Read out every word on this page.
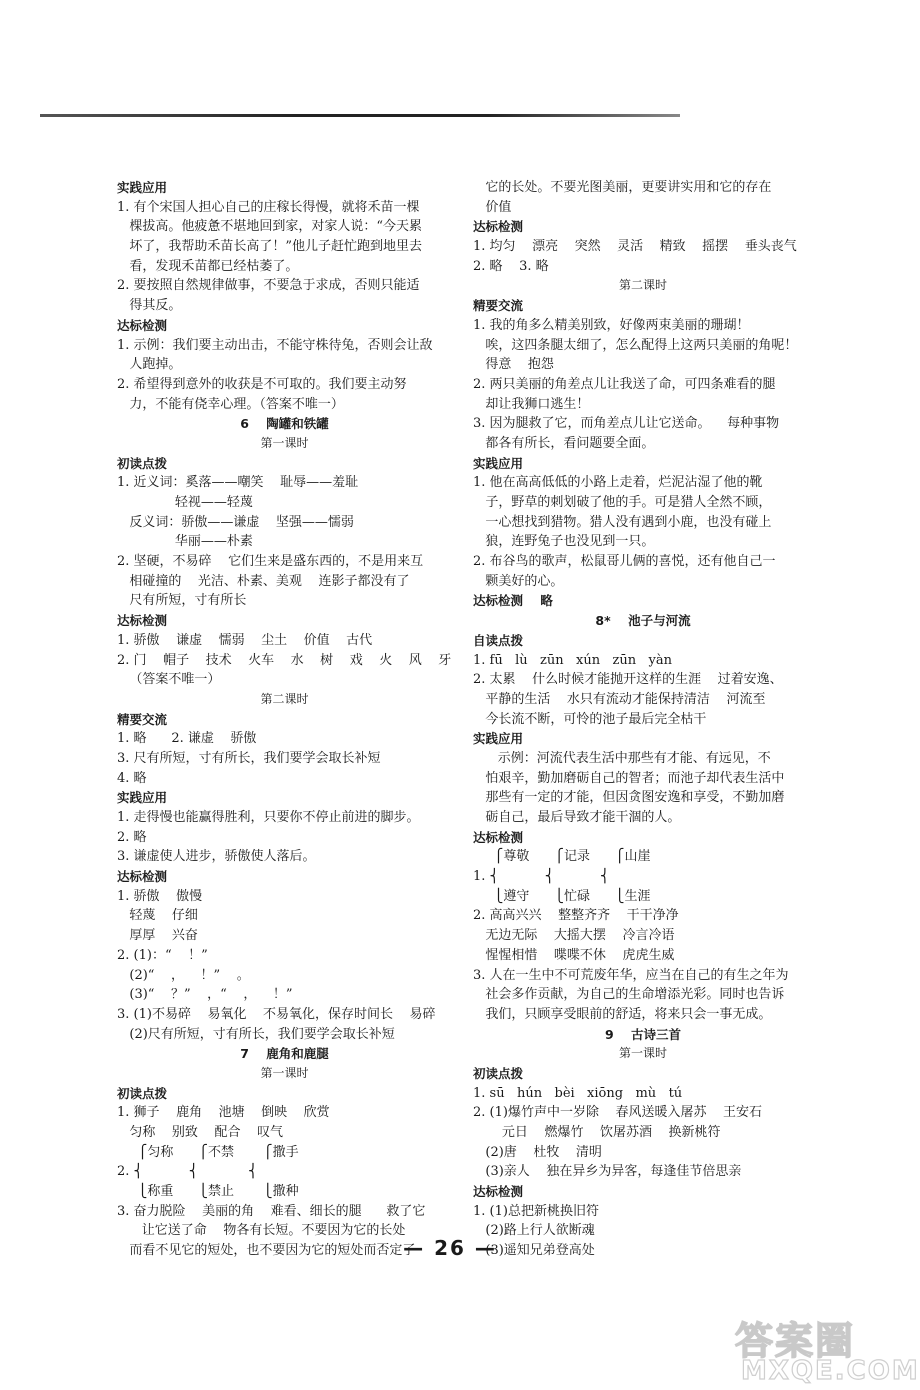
实践应用
1. 有个宋国人担心自己的庄稼长得慢，就将禾苗一棵
棵拔高。他疲惫不堪地回到家，对家人说：“今天累
坏了，我帮助禾苗长高了！”他儿子赶忙跑到地里去
看，发现禾苗都已经枯萎了。
2. 要按照自然规律做事，不要急于求成，否则只能适
得其反。
达标检测
1. 示例：我们要主动出击，不能守株待兔，否则会让敌
人跑掉。
2. 希望得到意外的收获是不可取的。我们要主动努
力，不能有侥幸心理。（答案不唯一）
6    陶罐和铁罐
第一课时
初读点拨
1. 近义词：奚落——嘲笑    耻辱——羞耻
轻视——轻蔑
反义词：骄傲——谦虚    坚强——懦弱
华丽——朴素
2. 坚硬，不易碎    它们生来是盛东西的，不是用来互
相碰撞的    光洁、朴素、美观    连影子都没有了
尺有所短，寸有所长
达标检测
1. 骄傲    谦虚    懦弱    尘土    价值    古代
2. 门    帽子    技术    火车    水    树    戏    火    风    牙
（答案不唯一）
第二课时
精要交流
1. 略      2. 谦虚    骄傲
3. 尺有所短，寸有所长，我们要学会取长补短
4. 略
实践应用
1. 走得慢也能赢得胜利，只要你不停止前进的脚步。
2. 略
3. 谦虚使人进步，骄傲使人落后。
达标检测
1. 骄傲    傲慢
轻蔑    仔细
厚厚    兴奋
2. (1)：“    ！”
(2)“    ，    ！”    。
(3)“    ？”    ，“    ，    ！”
3. (1)不易碎    易氧化    不易氧化，保存时间长    易碎
(2)尺有所短，寸有所长，我们要学会取长补短
7    鹿角和鹿腿
第一课时
初读点拨
1. 狮子    鹿角    池塘    倒映    欣赏
匀称    别致    配合    叹气
⎧匀称      ⎧不禁       ⎧撒手
2. ⎨           ⎨            ⎨
⎩称重      ⎩禁止       ⎩撒种
3. 奋力脱险    美丽的角    难看、细长的腿      救了它
让它送了命    物各有长短。不要因为它的长处
而看不见它的短处，也不要因为它的短处而否定了
它的长处。不要光图美丽，更要讲实用和它的存在
价值
达标检测
1. 均匀    漂亮    突然    灵活    精致    摇摆    垂头丧气
2. 略    3. 略
第二课时
精要交流
1. 我的角多么精美别致，好像两束美丽的珊瑚！
唉，这四条腿太细了，怎么配得上这两只美丽的角呢！
得意    抱怨
2. 两只美丽的角差点儿让我送了命，可四条难看的腿
却让我狮口逃生！
3. 因为腿救了它，而角差点儿让它送命。    每种事物
都各有所长，看问题要全面。
实践应用
1. 他在高高低低的小路上走着，烂泥沾湿了他的靴
子，野草的刺划破了他的手。可是猎人全然不顾，
一心想找到猎物。猎人没有遇到小鹿，也没有碰上
狼，连野兔子也没见到一只。
2. 布谷鸟的歌声，松鼠哥儿俩的喜悦，还有他自己一
颗美好的心。
达标检测    略
8*    池子与河流
自读点拨
1. fū   lù   zūn   xún   zūn   yàn
2. 太累    什么时候才能抛开这样的生涯    过着安逸、
平静的生活    水只有流动才能保持清洁    河流至
今长流不断，可怜的池子最后完全枯干
实践应用
示例：河流代表生活中那些有才能、有远见，不
怕艰辛，勤加磨砺自己的智者；而池子却代表生活中
那些有一定的才能，但因贪图安逸和享受，不勤加磨
砺自己，最后导致才能干涸的人。
达标检测
⎧尊敬      ⎧记录      ⎧山崖
1. ⎨           ⎨           ⎨
⎩遵守      ⎩忙碌      ⎩生涯
2. 高高兴兴    整整齐齐    干干净净
无边无际    大摇大摆    冷言冷语
惺惺相惜    喋喋不休    虎虎生威
3. 人在一生中不可荒废年华，应当在自己的有生之年为
社会多作贡献，为自己的生命增添光彩。同时也告诉
我们，只顾享受眼前的舒适，将来只会一事无成。
9    古诗三首
第一课时
初读点拨
1. sū   hún   bèi   xiōng   mù   tú
2. (1)爆竹声中一岁除    春风送暖入屠苏    王安石
元日    燃爆竹    饮屠苏酒    换新桃符
(2)唐    杜牧    清明
(3)亲人    独在异乡为异客，每逢佳节倍思亲
达标检测
1. (1)总把新桃换旧符
(2)路上行人欲断魂
(3)遥知兄弟登高处
— 26 —
答案圈
MXQE.COM
